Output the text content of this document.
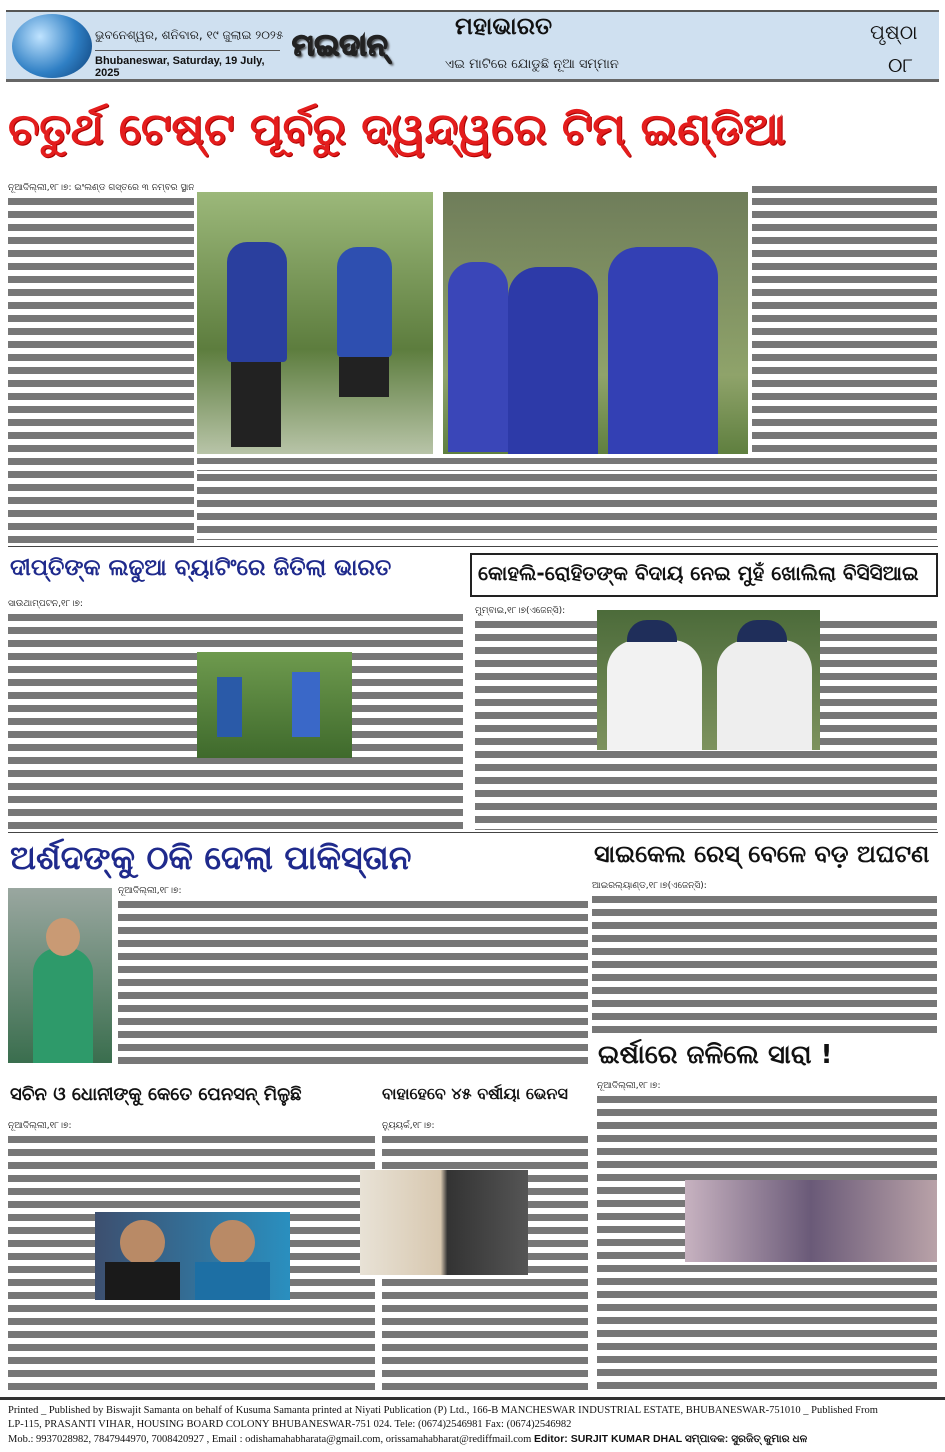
ଭୁବନେଶ୍ୱର, ଶନିବାର, ୧୯ ଜୁଲାଇ ୨୦୨୫
Bhubaneswar, Saturday, 19 July, 2025
ମଇଦାନ୍
ମହାଭାରତ
ଏଇ ମାଟିରେ ଯୋଡୁଛି ନୂଆ ସମ୍ମାନ
ପୃଷ୍ଠା
୦୮
ଚତୁର୍ଥ ଟେଷ୍ଟ ପୂର୍ବରୁ ଦ୍ୱନ୍ଦ୍ୱରେ ଟିମ୍ ଇଣ୍ଡିଆ
ନୂଆଦିଲ୍ଲୀ,୧୮।୭: ଇଂଲଣ୍ଡ ଗସ୍ତରେ ୩ ନମ୍ବର ସ୍ଥାନ
ଦୀପ୍ତିଙ୍କ ଲଢୁଆ ବ୍ୟାଟିଂରେ ଜିତିଲା ଭାରତ
ସାଉଥାମ୍ପଟନ,୧୮।୭:
କୋହଲି-ରୋହିତଙ୍କ ବିଦାୟ ନେଇ ମୁହଁ ଖୋଲିଲା ବିସିସିଆଇ
ମୁମ୍ବାଇ,୧୮।୭(ଏଜେନ୍ସି):
ଅର୍ଶଦଙ୍କୁ ଠକି ଦେଲା ପାକିସ୍ତାନ
ନୂଆଦିଲ୍ଲୀ,୧୮।୭:
ସାଇକେଲ ରେସ୍ ବେଳେ ବଡ଼ ଅଘଟଣ
ଆଇରଲ୍ୟାଣ୍ଡ,୧୮।୭(ଏଜେନ୍ସି):
ଇର୍ଷାରେ ଜଳିଲେ ସାରା !
ନୂଆଦିଲ୍ଲୀ,୧୮।୭:
ସଚିନ ଓ ଧୋନୀଙ୍କୁ କେତେ ପେନସନ୍ ମିଳୁଛି
ନୂଆଦିଲ୍ଲୀ,୧୮।୭:
ବାହାହେବେ ୪୫ ବର୍ଷୀୟା ଭେନସ
ନ୍ୟୁୟର୍କ,୧୮।୭:
Printed _ Published by Biswajit Samanta on behalf of Kusuma Samanta printed at Niyati Publication (P) Ltd., 166-B MANCHESWAR INDUSTRIAL ESTATE, BHUBANESWAR-751010 _ Published From
LP-115, PRASANTI VIHAR, HOUSING BOARD COLONY BHUBANESWAR-751 024. Tele: (0674)2546981 Fax: (0674)2546982
Mob.: 9937028982, 7847944970, 7008420927 , Email : odishamahabharata@gmail.com, orissamahabharat@rediffmail.com Editor: SURJIT KUMAR DHAL ସମ୍ପାଦକ: ସୁରଜିତ୍ କୁମାର ଧଳ
